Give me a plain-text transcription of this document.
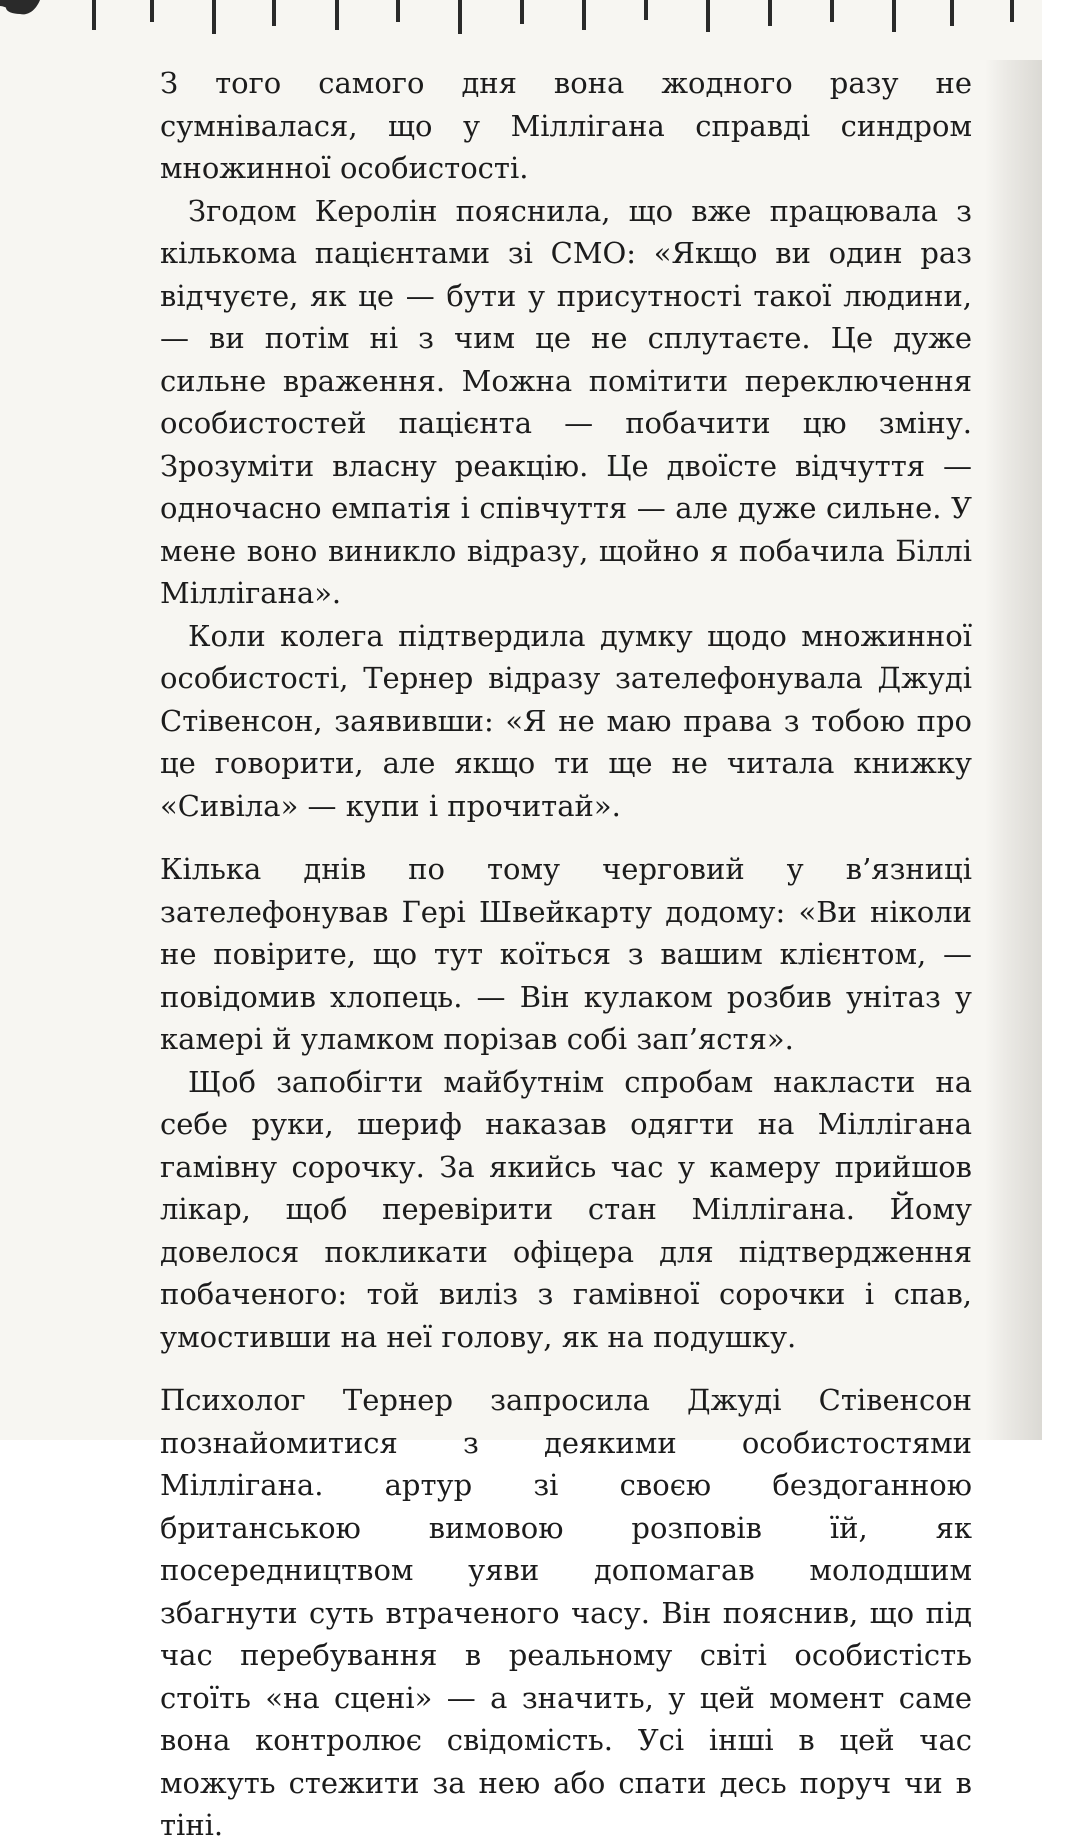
З того самого дня вона жодного разу не сумнівалася, що у Міллігана справді синдром множинної особистості.

Згодом Керолін пояснила, що вже працювала з кількома пацієнтами зі СМО: «Якщо ви один раз відчуєте, як це — бути у присутності такої людини, — ви потім ні з чим це не сплутаєте. Це дуже сильне враження. Можна помітити переключення особистостей пацієнта — побачити цю зміну. Зрозуміти власну реакцію. Це двоїсте відчуття — одночасно емпатія і співчуття — але дуже сильне. У мене воно виникло відразу, щойно я побачила Біллі Міллігана».

Коли колега підтвердила думку щодо множинної особистості, Тернер відразу зателефонувала Джуді Стівенсон, заявивши: «Я не маю права з тобою про це говорити, але якщо ти ще не читала книжку «Сивіла» — купи і прочитай».

Кілька днів по тому черговий у в’язниці зателефонував Гері Швейкарту додому: «Ви ніколи не повірите, що тут коїться з вашим клієнтом, — повідомив хлопець. — Він кулаком розбив унітаз у камері й уламком порізав собі зап’ястя».

Щоб запобігти майбутнім спробам накласти на себе руки, шериф наказав одягти на Міллігана гамівну сорочку. За якийсь час у камеру прийшов лікар, щоб перевірити стан Міллігана. Йому довелося покликати офіцера для підтвердження побаченого: той виліз з гамівної сорочки і спав, умостивши на неї голову, як на подушку.

Психолог Тернер запросила Джуді Стівенсон познайомитися з деякими особистостями Міллігана. артур зі своєю бездоганною британською вимовою розповів їй, як посередництвом уяви допомагав молодшим збагнути суть втраченого часу. Він пояснив, що під час перебування в реальному світі особистість стоїть «на сцені» — а значить, у цей момент саме вона контролює свідомість. Усі інші в цей час можуть стежити за нею або спати десь поруч чи в тіні.
